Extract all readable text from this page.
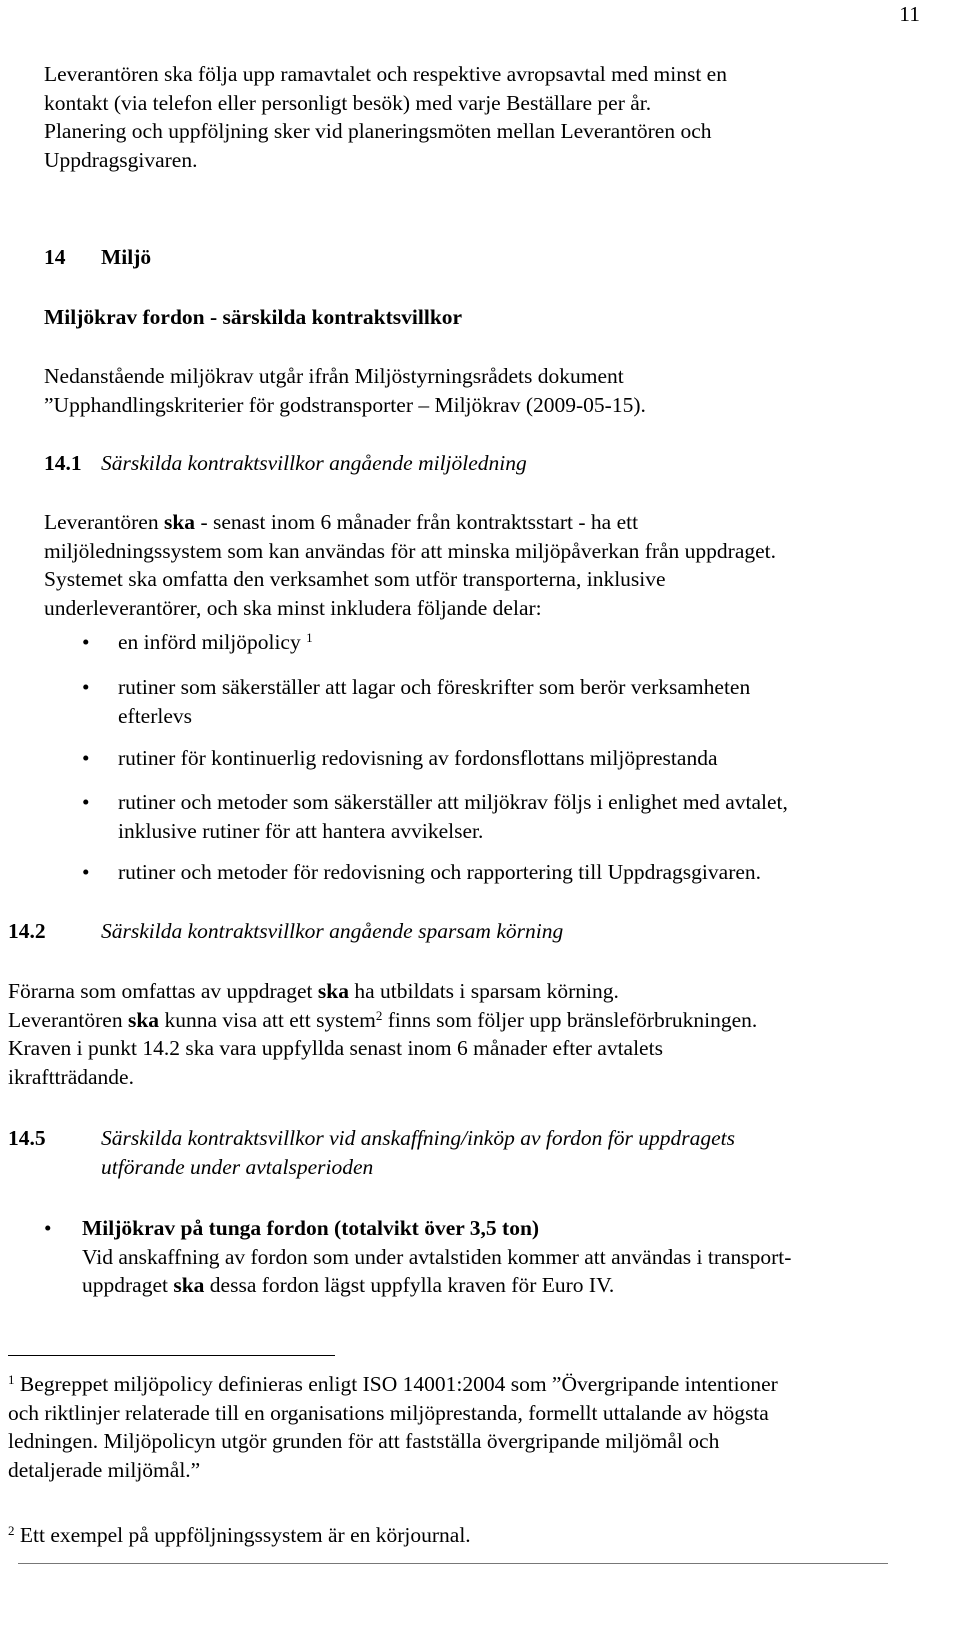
11

Leverantören ska följa upp ramavtalet och respektive avropsavtal med minst en

kontakt (via telefon eller personligt besök) med varje Beställare per år.

Planering och uppföljning sker vid planeringsmöten mellan Leverantören och

Uppdragsgivaren.

14 Miljö
Miljökrav fordon - särskilda kontraktsvillkor

Nedanstående miljökrav utgår ifrån Miljöstyrningsrådets dokument

”Upphandlingskriterier för godstransporter – Miljökrav (2009-05-15).

14.1 Särskilda kontraktsvillkor angående miljöledning

Leverantören ska - senast inom 6 månader från kontraktsstart - ha ett

miljöledningssystem som kan användas för att minska miljöpåverkan från uppdraget.

Systemet ska omfatta den verksamhet som utför transporterna, inklusive

underleverantörer, och ska minst inkludera följande delar:

• en införd miljöpolicy $^1$

• rutiner som säkerställer att lagar och föreskrifter som berör verksamheten

efterlevs

• rutiner för kontinuerlig redovisning av fordonsflottans miljöprestanda

• rutiner och metoder som säkerställer att miljökrav följs i enlighet med avtalet,

inklusive rutiner för att hantera avvikelser.

• rutiner och metoder för redovisning och rapportering till Uppdragsgivaren.

14.2	Särskilda kontraktsvillkor angående sparsam körning

Förarna som omfattas av uppdraget ska ha utbildats i sparsam körning.

Leverantören ska kunna visa att ett system$^2$ finns som följer upp bränsleförbrukningen.

Kraven i punkt 14.2 ska vara uppfyllda senast inom 6 månader efter avtalets

ikraftträdande.

14.5	Särskilda kontraktsvillkor vid anskaffning/inköp av fordon för uppdragets

utförande under avtalsperioden

• Miljökrav på tunga fordon (totalvikt över 3,5 ton)

Vid anskaffning av fordon som under avtalstiden kommer att användas i transport-

uppdraget ska dessa fordon lägst uppfylla kraven för Euro IV.

$^1$ Begreppet miljöpolicy definieras enligt ISO 14001:2004 som ”Övergripande intentioner

och riktlinjer relaterade till en organisations miljöprestanda, formellt uttalande av högsta

ledningen. Miljöpolicyn utgör grunden för att fastställa övergripande miljömål och

detaljerade miljömål.”

$^2$ Ett exempel på uppföljningssystem är en körjournal.
